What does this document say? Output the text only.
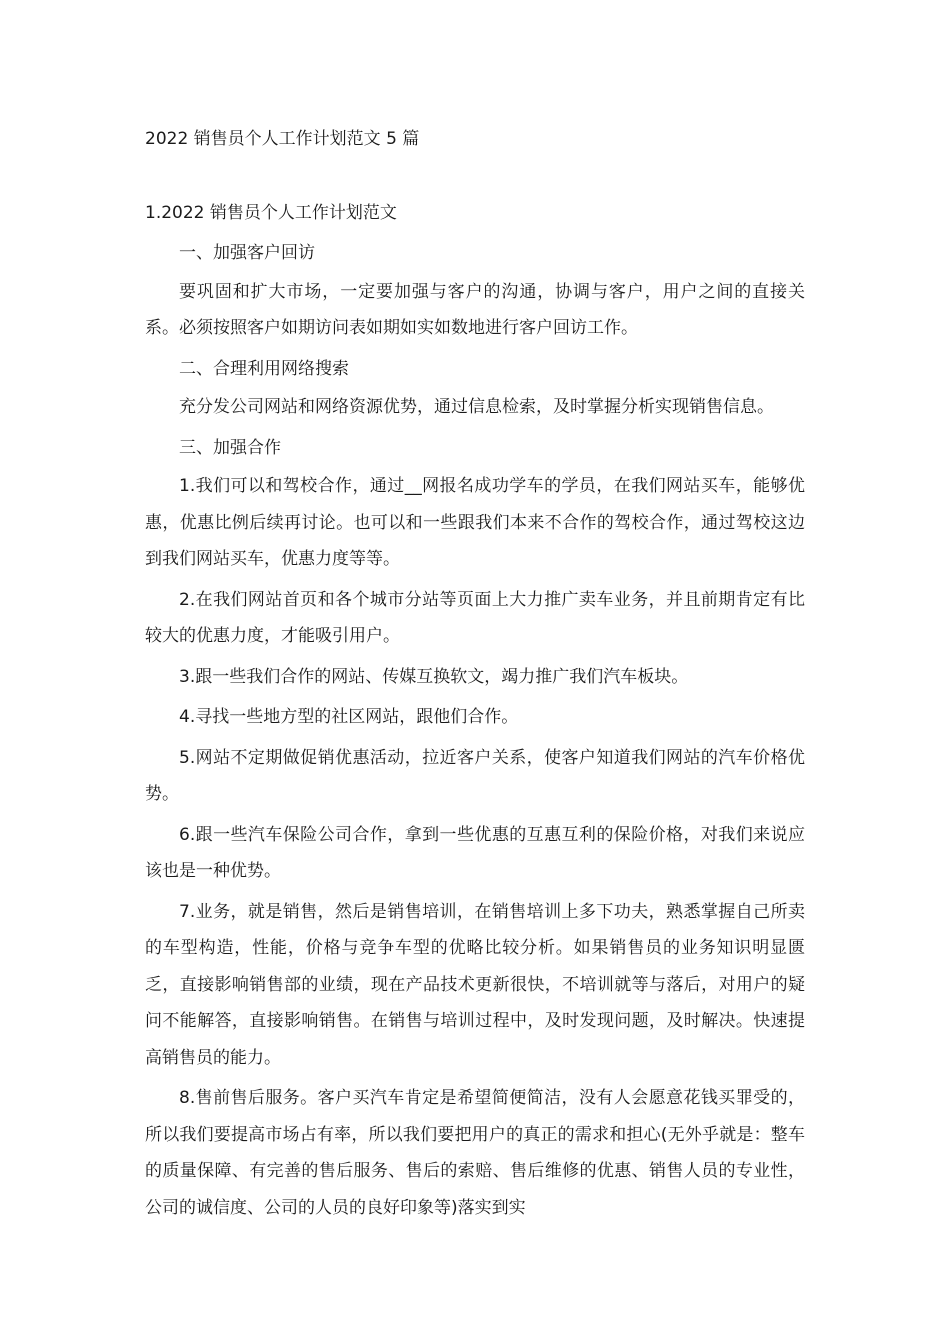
2022 销售员个人工作计划范文 5 篇
1.2022 销售员个人工作计划范文

一、加强客户回访

要巩固和扩大市场，一定要加强与客户的沟通，协调与客户，用户之间的直接关系。必须按照客户如期访问表如期如实如数地进行客户回访工作。

二、合理利用网络搜索

充分发公司网站和网络资源优势，通过信息检索，及时掌握分析实现销售信息。

三、加强合作

1.我们可以和驾校合作，通过__网报名成功学车的学员，在我们网站买车，能够优惠，优惠比例后续再讨论。也可以和一些跟我们本来不合作的驾校合作，通过驾校这边到我们网站买车，优惠力度等等。

2.在我们网站首页和各个城市分站等页面上大力推广卖车业务，并且前期肯定有比较大的优惠力度，才能吸引用户。

3.跟一些我们合作的网站、传媒互换软文，竭力推广我们汽车板块。

4.寻找一些地方型的社区网站，跟他们合作。

5.网站不定期做促销优惠活动，拉近客户关系，使客户知道我们网站的汽车价格优势。

6.跟一些汽车保险公司合作，拿到一些优惠的互惠互利的保险价格，对我们来说应该也是一种优势。

7.业务，就是销售，然后是销售培训，在销售培训上多下功夫，熟悉掌握自己所卖的车型构造，性能，价格与竞争车型的优略比较分析。如果销售员的业务知识明显匮乏，直接影响销售部的业绩，现在产品技术更新很快，不培训就等与落后，对用户的疑问不能解答，直接影响销售。在销售与培训过程中，及时发现问题，及时解决。快速提高销售员的能力。

8.售前售后服务。客户买汽车肯定是希望简便简洁，没有人会愿意花钱买罪受的，所以我们要提高市场占有率，所以我们要把用户的真正的需求和担心(无外乎就是：整车的质量保障、有完善的售后服务、售后的索赔、售后维修的优惠、销售人员的专业性，公司的诚信度、公司的人员的良好印象等)落实到实
